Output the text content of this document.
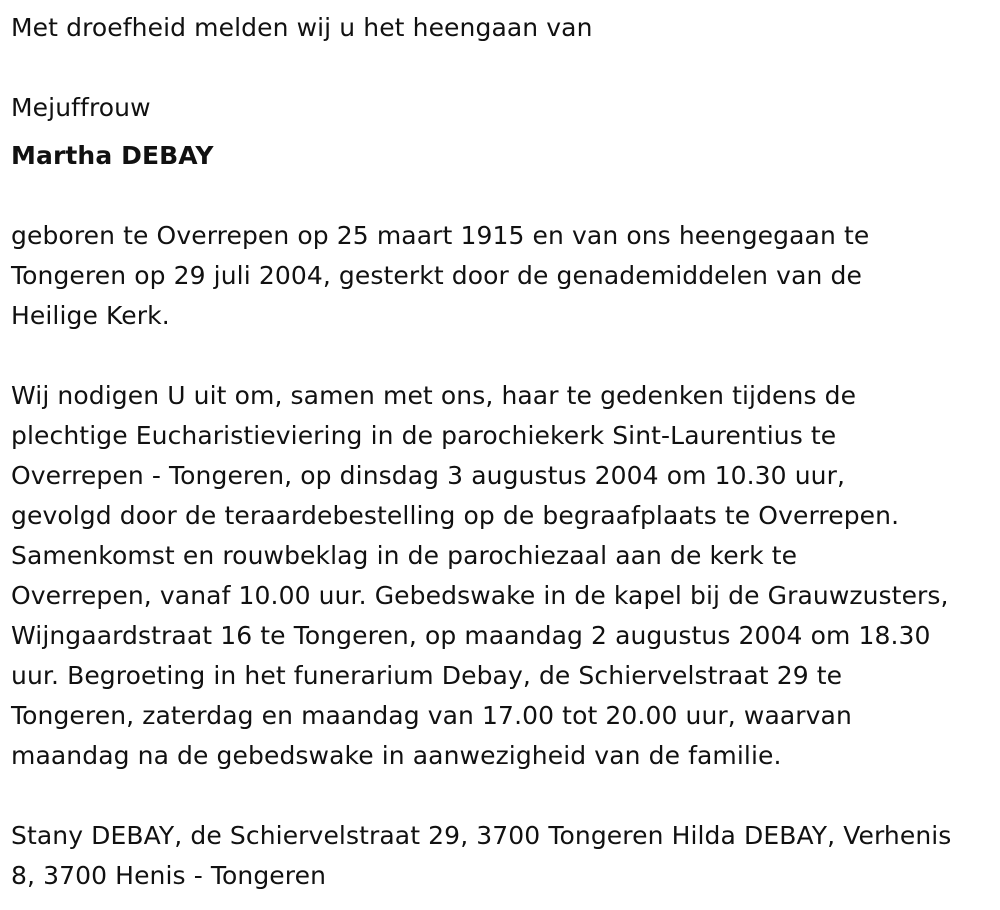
Met droefheid melden wij u het heengaan van

Mejuffrouw

Martha DEBAY

geboren te Overrepen op 25 maart 1915 en van ons heengegaan te
Tongeren op 29 juli 2004, gesterkt door de genademiddelen van de
Heilige Kerk.

Wij nodigen U uit om, samen met ons, haar te gedenken tijdens de
plechtige Eucharistieviering in de parochiekerk Sint-Laurentius te
Overrepen - Tongeren, op dinsdag 3 augustus 2004 om 10.30 uur,
gevolgd door de teraardebestelling op de begraafplaats te Overrepen.
Samenkomst en rouwbeklag in de parochiezaal aan de kerk te
Overrepen, vanaf 10.00 uur. Gebedswake in de kapel bij de Grauwzusters,
Wijngaardstraat 16 te Tongeren, op maandag 2 augustus 2004 om 18.30
uur. Begroeting in het funerarium Debay, de Schiervelstraat 29 te
Tongeren, zaterdag en maandag van 17.00 tot 20.00 uur, waarvan
maandag na de gebedswake in aanwezigheid van de familie.

Stany DEBAY, de Schiervelstraat 29, 3700 Tongeren Hilda DEBAY, Verhenis
8, 3700 Henis - Tongeren
